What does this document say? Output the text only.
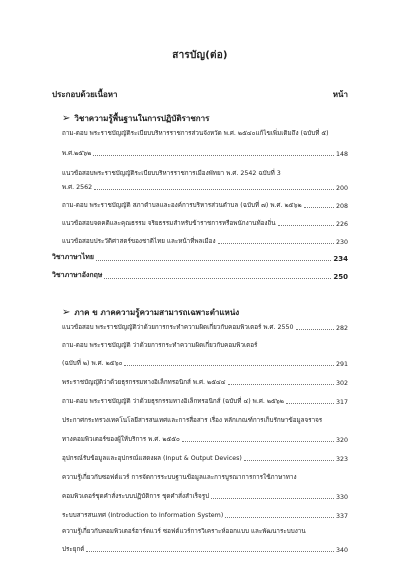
สารบัญ(ต่อ)
ประกอบด้วยเนื้อหา	หน้า
➢ วิชาความรู้พื้นฐานในการปฏิบัติราชการ
ถาม-ตอบ พระราชบัญญัติระเบียบบริหารราชการส่วนจังหวัด พ.ศ. ๒๕๔๐แก้ไขเพิ่มเติมถึง (ฉบับที่ ๕)
พ.ศ.๒๕๖๒	148
แนวข้อสอบพระราชบัญญัติระเบียบบริหารราชการเมืองพัทยา พ.ศ. 2542 ฉบับที่ 3
พ.ศ. 2562	200
ถาม-ตอบ พระราชบัญญัติ สภาตำบลและองค์การบริหารส่วนตำบล (ฉบับที่ ๗) พ.ศ. ๒๕๖๒	208
แนวข้อสอบจดคติและคุณธรรม จริยธรรมสำหรับข้าราชการหรือพนักงานท้องถิ่น	226
แนวข้อสอบประวัติศาสตร์ของชาติไทย และหน้าที่พลเมือง	230
วิชาภาษาไทย	234
วิชาภาษาอังกฤษ	250
➢ ภาค ข ภาคความรู้ความสามารถเฉพาะตำแหน่ง
แนวข้อสอบ พระราชบัญญัติว่าด้วยการกระทำความผิดเกี่ยวกับคอมพิวเตอร์ พ.ศ. 2550	282
ถาม-ตอบ พระราชบัญญัติ ว่าด้วยการกระทำความผิดเกี่ยวกับคอมพิวเตอร์
(ฉบับที่ ๒) พ.ศ. ๒๕๖๐	291
พระราชบัญญัติว่าด้วยธุรกรรมทางอิเล็กทรอนิกส์ พ.ศ. ๒๕๔๔	302
ถาม-ตอบ พระราชบัญญัติ ว่าด้วยธุรกรรมทางอิเล็กทรอนิกส์ (ฉบับที่ ๔) พ.ศ. ๒๕๖๒	317
ประกาศกระทรวงเทคโนโลยีสารสนเทศและการสื่อสาร เรื่อง หลักเกณฑ์การเก็บรักษาข้อมูลจราจร
ทางคอมพิวเตอร์ของผู้ให้บริการ พ.ศ. ๒๕๕๐	320
อุปกรณ์รับข้อมูลและอุปกรณ์แสดงผล (Input & Output Devices)	323
ความรู้เกี่ยวกับซอฟต์แวร์ การจัดการระบบฐานข้อมูลและการบูรณาการการใช้ภาษาทาง
คอมพิวเตอร์ชุดคำสั่งระบบปฏิบัติการ ชุดคำสั่งสำเร็จรูป	330
ระบบสารสนเทศ (Introduction to Information System)	337
ความรู้เกี่ยวกับคอมพิวเตอร์ฮาร์ดแวร์ ซอฟต์แวร์การวิเคราะห์ออกแบบ และพัฒนาระบบงาน
ประยุกต์	340
